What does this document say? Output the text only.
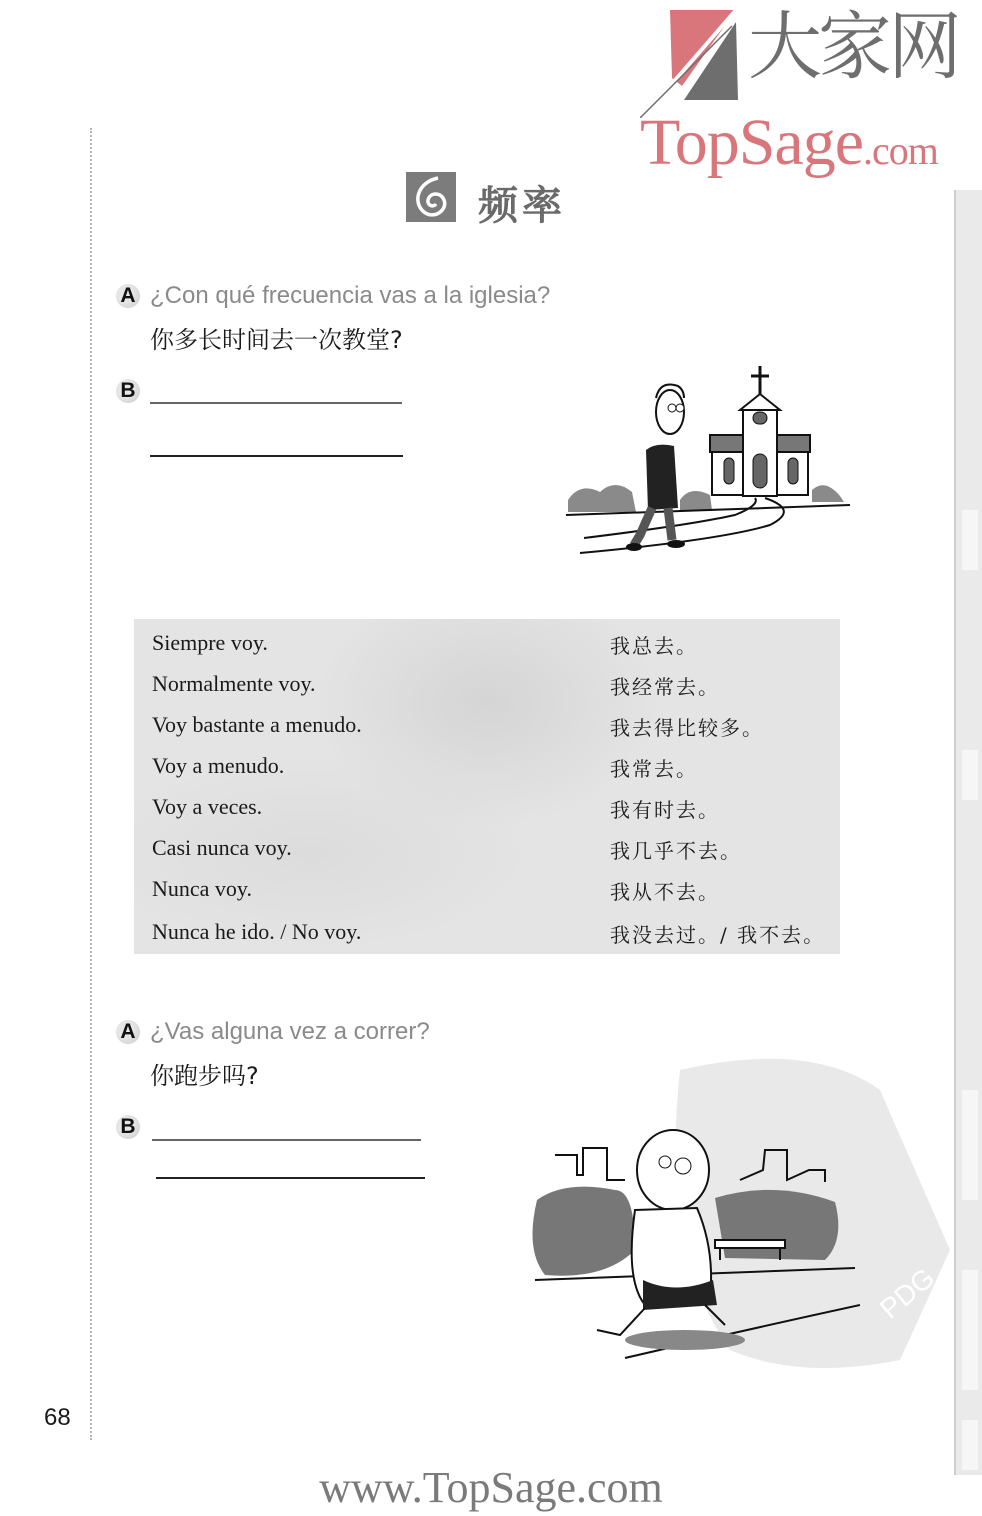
大家网
TopSage.com
频率
A ¿Con qué frecuencia vas a la iglesia?
你多长时间去一次教堂?
B
Siempre voy.	我总去。
Normalmente voy.	我经常去。
Voy bastante a menudo.	我去得比较多。
Voy a menudo.	我常去。
Voy a veces.	我有时去。
Casi nunca voy.	我几乎不去。
Nunca voy.	我从不去。
Nunca he ido. / No voy.	我没去过。/ 我不去。
A ¿Vas alguna vez a correr?
你跑步吗?
B
PDG
68
www.TopSage.com
